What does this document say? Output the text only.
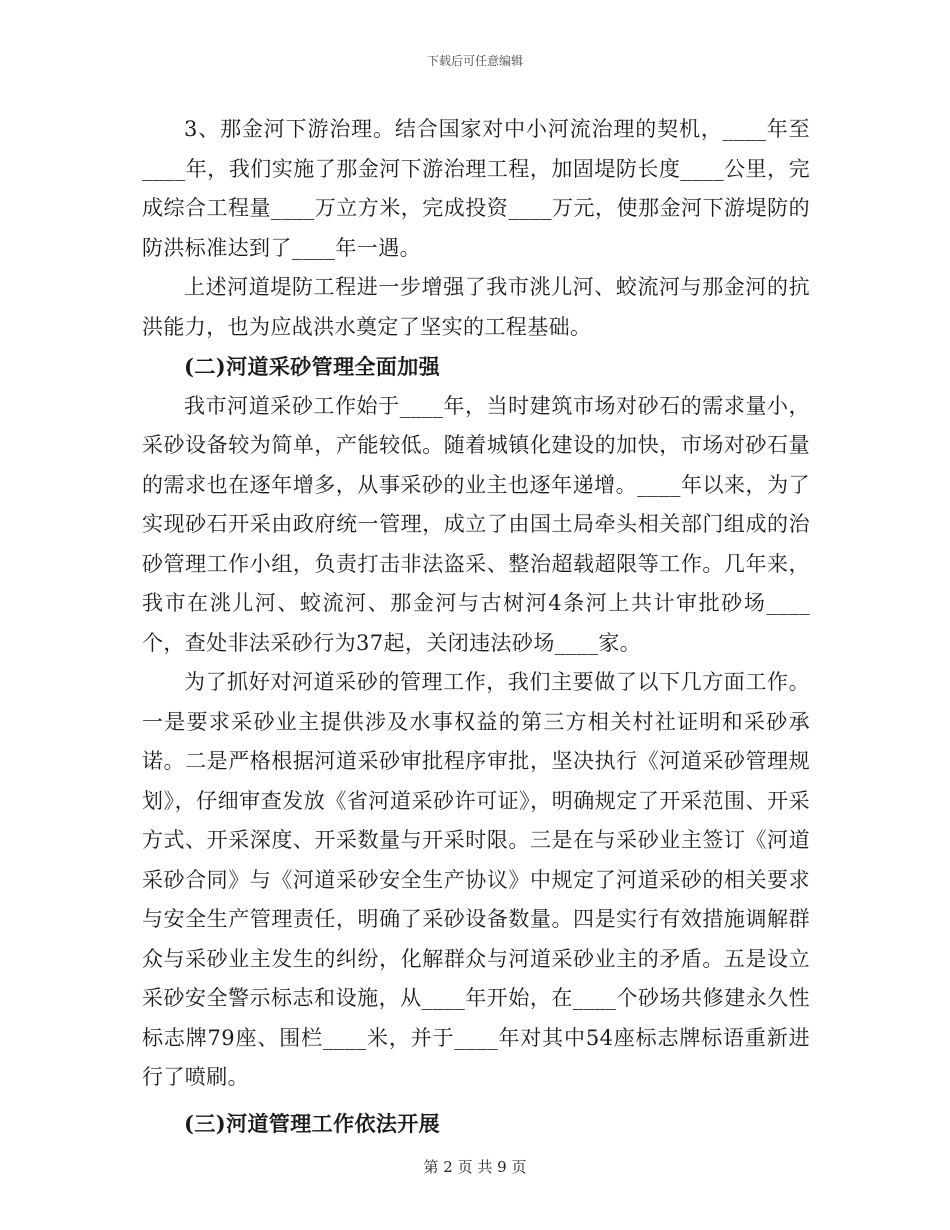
下载后可任意编辑

3、那金河下游治理。结合国家对中小河流治理的契机，____年至____年，我们实施了那金河下游治理工程，加固堤防长度____公里，完成综合工程量____万立方米，完成投资____万元，使那金河下游堤防的防洪标准达到了____年一遇。

上述河道堤防工程进一步增强了我市洮儿河、蛟流河与那金河的抗洪能力，也为应战洪水奠定了坚实的工程基础。

(二)河道采砂管理全面加强

我市河道采砂工作始于____年，当时建筑市场对砂石的需求量小，采砂设备较为简单，产能较低。随着城镇化建设的加快，市场对砂石量的需求也在逐年增多，从事采砂的业主也逐年递增。____年以来，为了实现砂石开采由政府统一管理，成立了由国土局牵头相关部门组成的治砂管理工作小组，负责打击非法盗采、整治超载超限等工作。几年来，我市在洮儿河、蛟流河、那金河与古树河4条河上共计审批砂场____个，查处非法采砂行为37起，关闭违法砂场____家。

为了抓好对河道采砂的管理工作，我们主要做了以下几方面工作。一是要求采砂业主提供涉及水事权益的第三方相关村社证明和采砂承诺。二是严格根据河道采砂审批程序审批，坚决执行《河道采砂管理规划》，仔细审查发放《省河道采砂许可证》，明确规定了开采范围、开采方式、开采深度、开采数量与开采时限。三是在与采砂业主签订《河道采砂合同》与《河道采砂安全生产协议》中规定了河道采砂的相关要求与安全生产管理责任，明确了采砂设备数量。四是实行有效措施调解群众与采砂业主发生的纠纷，化解群众与河道采砂业主的矛盾。五是设立采砂安全警示标志和设施，从____年开始，在____个砂场共修建永久性标志牌79座、围栏____米，并于____年对其中54座标志牌标语重新进行了喷刷。

(三)河道管理工作依法开展

第 2 页 共 9 页
